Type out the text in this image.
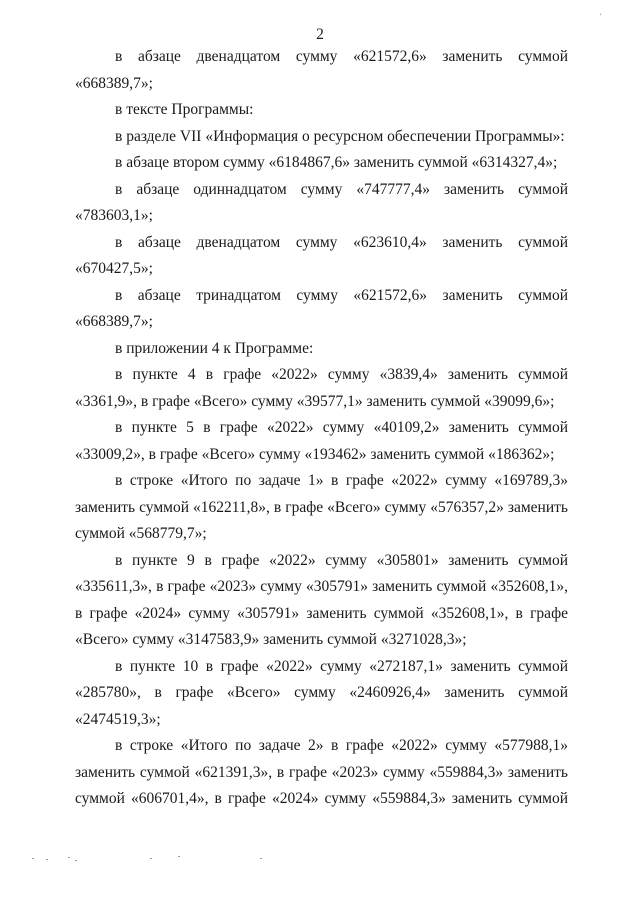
'
2

в абзаце двенадцатом сумму «621572,6» заменить суммой «668389,7»;

в тексте Программы:

в разделе VII «Информация о ресурсном обеспечении Программы»:

в абзаце втором сумму «6184867,6» заменить суммой «6314327,4»;

в абзаце одиннадцатом сумму «747777,4» заменить суммой «783603,1»;

в абзаце двенадцатом сумму «623610,4» заменить суммой «670427,5»;

в абзаце тринадцатом сумму «621572,6» заменить суммой «668389,7»;

в приложении 4 к Программе:

в пункте 4 в графе «2022» сумму «3839,4» заменить суммой «3361,9», в графе «Всего» сумму «39577,1» заменить суммой «39099,6»;

в пункте 5 в графе «2022» сумму «40109,2» заменить суммой «33009,2», в графе «Всего» сумму «193462» заменить суммой «186362»;

в строке «Итого по задаче 1» в графе «2022» сумму «169789,3» заменить суммой «162211,8», в графе «Всего» сумму «576357,2» заменить суммой «568779,7»;

в пункте 9 в графе «2022» сумму «305801» заменить суммой «335611,3», в графе «2023» сумму «305791» заменить суммой «352608,1», в графе «2024» сумму «305791» заменить суммой «352608,1», в графе «Всего» сумму «3147583,9» заменить суммой «3271028,3»;

в пункте 10 в графе «2022» сумму «272187,1» заменить суммой «285780», в графе «Всего» сумму «2460926,4» заменить суммой «2474519,3»;

в строке «Итого по задаче 2» в графе «2022» сумму «577988,1» заменить суммой «621391,3», в графе «2023» сумму «559884,3» заменить суммой «606701,4», в графе «2024» сумму «559884,3» заменить суммой
